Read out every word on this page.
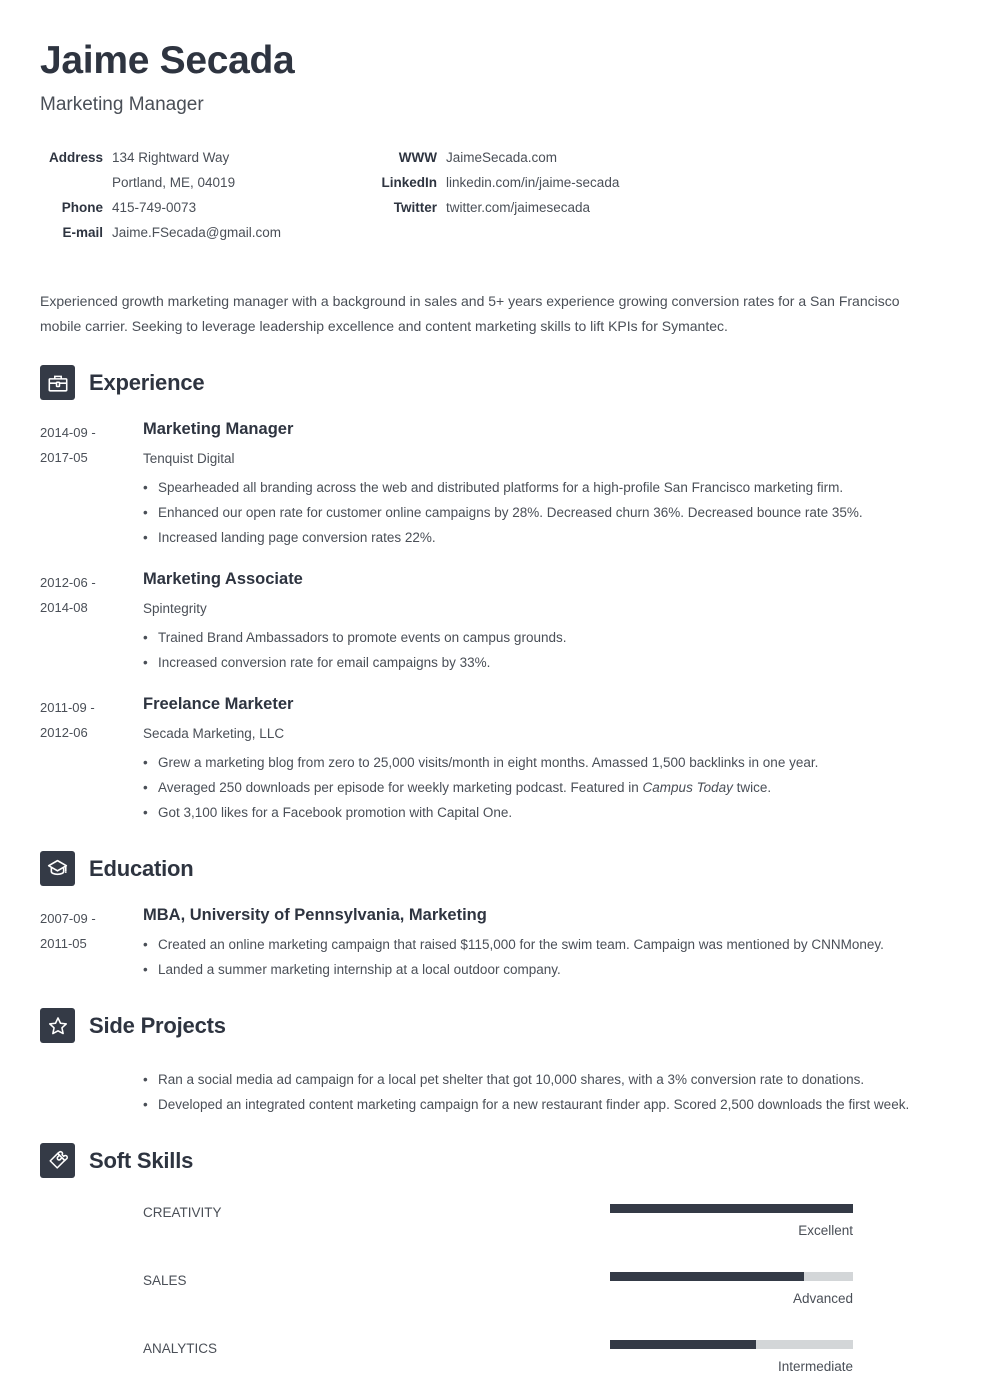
Jaime Secada
Marketing Manager
Address 134 Rightward Way
Portland, ME, 04019
Phone 415-749-0073
E-mail Jaime.FSecada@gmail.com
WWW JaimeSecada.com
LinkedIn linkedin.com/in/jaime-secada
Twitter twitter.com/jaimesecada
Experienced growth marketing manager with a background in sales and 5+ years experience growing conversion rates for a San Francisco mobile carrier. Seeking to leverage leadership excellence and content marketing skills to lift KPIs for Symantec.
Experience
2014-09 -
2017-05
Marketing Manager
Tenquist Digital
• Spearheaded all branding across the web and distributed platforms for a high-profile San Francisco marketing firm.
• Enhanced our open rate for customer online campaigns by 28%. Decreased churn 36%. Decreased bounce rate 35%.
• Increased landing page conversion rates 22%.
2012-06 -
2014-08
Marketing Associate
Spintegrity
• Trained Brand Ambassadors to promote events on campus grounds.
• Increased conversion rate for email campaigns by 33%.
2011-09 -
2012-06
Freelance Marketer
Secada Marketing, LLC
• Grew a marketing blog from zero to 25,000 visits/month in eight months. Amassed 1,500 backlinks in one year.
• Averaged 250 downloads per episode for weekly marketing podcast. Featured in Campus Today twice.
• Got 3,100 likes for a Facebook promotion with Capital One.
Education
2007-09 -
2011-05
MBA, University of Pennsylvania, Marketing
• Created an online marketing campaign that raised $115,000 for the swim team. Campaign was mentioned by CNNMoney.
• Landed a summer marketing internship at a local outdoor company.
Side Projects
• Ran a social media ad campaign for a local pet shelter that got 10,000 shares, with a 3% conversion rate to donations.
• Developed an integrated content marketing campaign for a new restaurant finder app. Scored 2,500 downloads the first week.
Soft Skills
CREATIVITY
Excellent
SALES
Advanced
ANALYTICS
Intermediate
